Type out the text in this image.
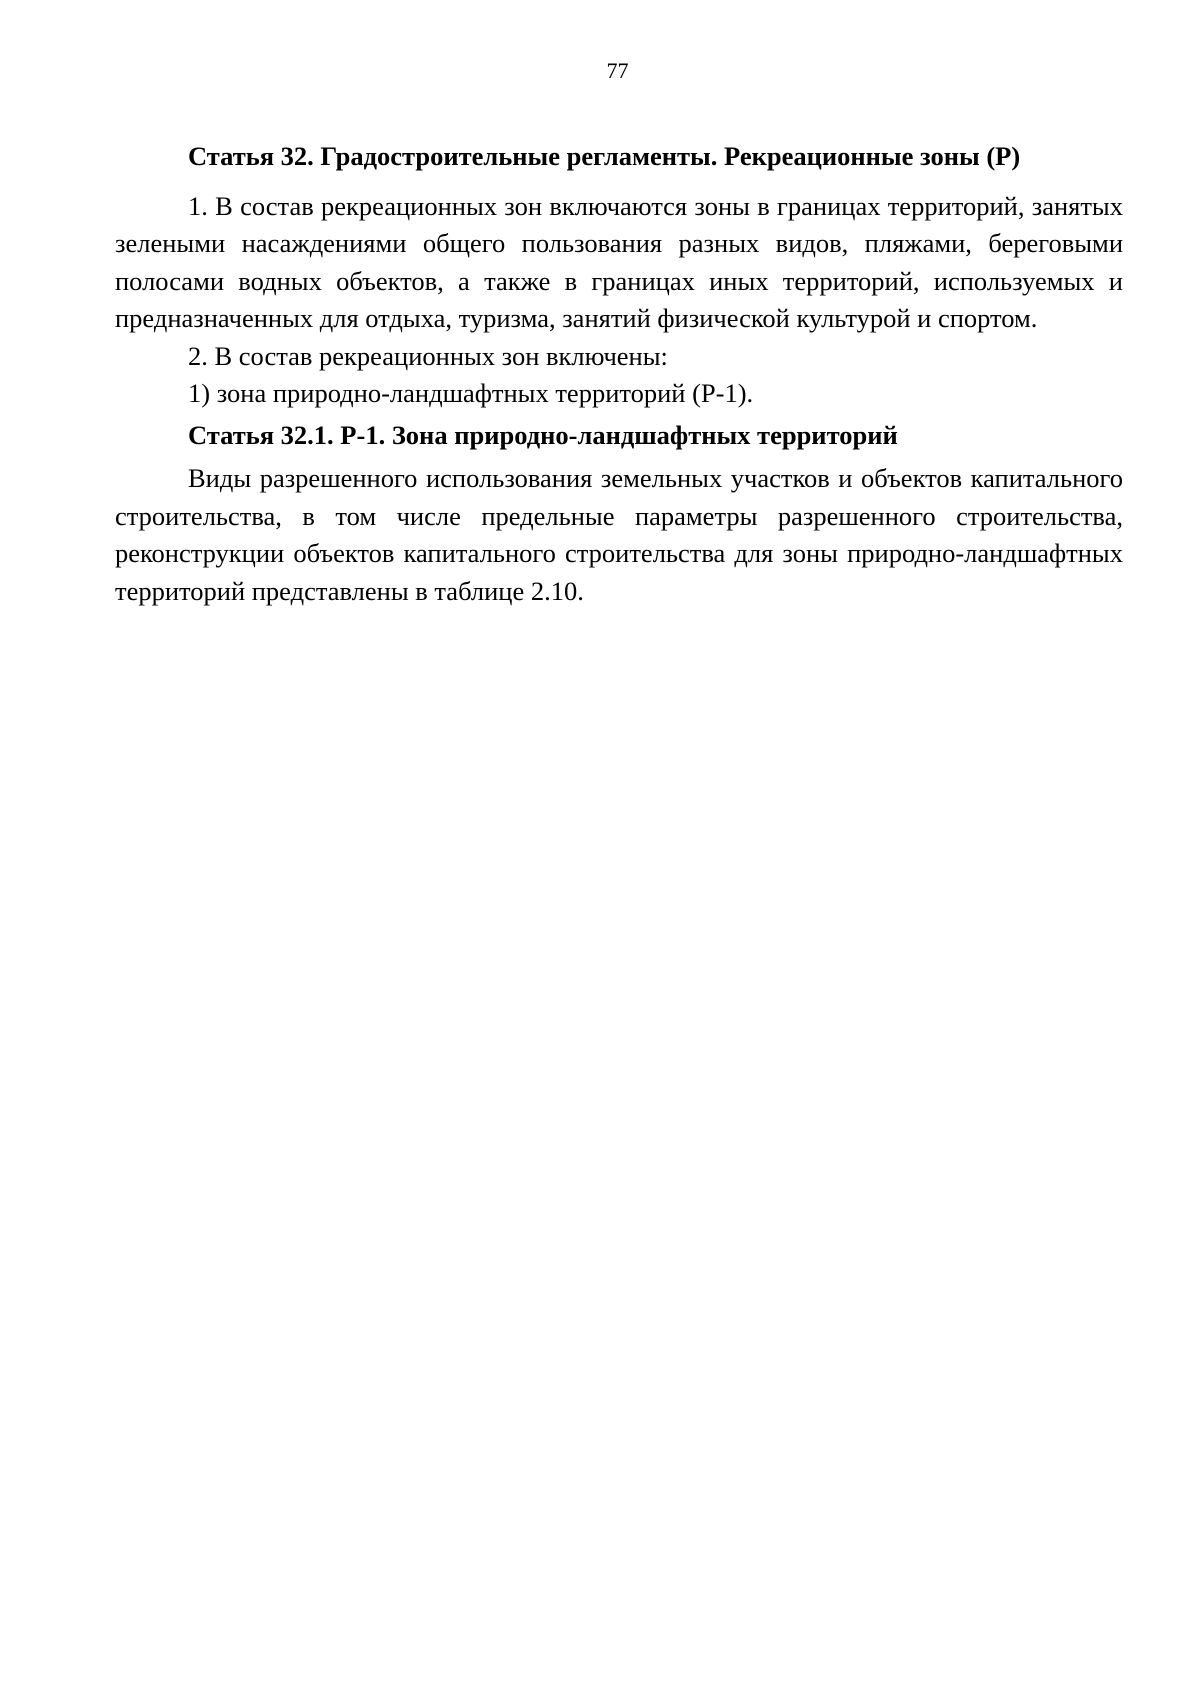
77

Статья 32. Градостроительные регламенты. Рекреационные зоны (Р)

1. В состав рекреационных зон включаются зоны в границах территорий, занятых зелеными насаждениями общего пользования разных видов, пляжами, береговыми полосами водных объектов, а также в границах иных территорий, используемых и предназначенных для отдыха, туризма, занятий физической культурой и спортом.

2. В состав рекреационных зон включены:

1) зона природно-ландшафтных территорий (Р-1).

Статья 32.1. Р-1. Зона природно-ландшафтных территорий

Виды разрешенного использования земельных участков и объектов капитального строительства, в том числе предельные параметры разрешенного строительства, реконструкции объектов капитального строительства для зоны природно-ландшафтных территорий представлены в таблице 2.10.
